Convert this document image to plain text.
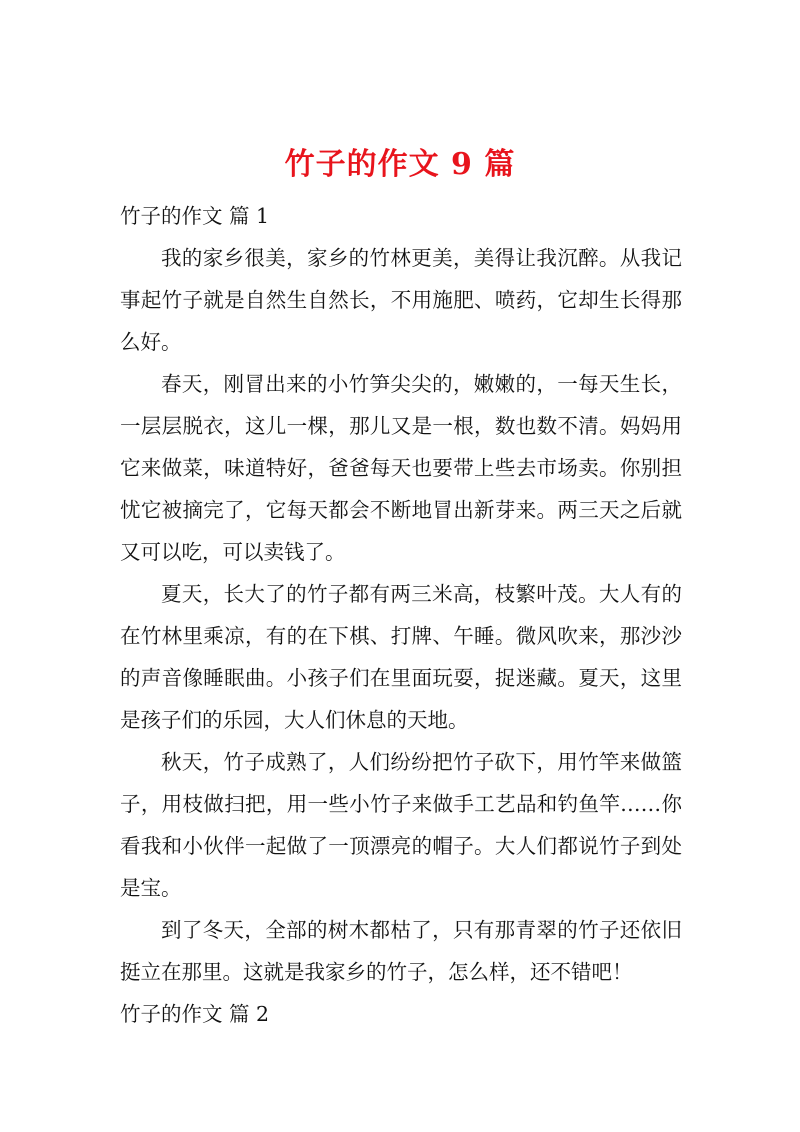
竹子的作文 9 篇
竹子的作文 篇 1

我的家乡很美，家乡的竹林更美，美得让我沉醉。从我记事起竹子就是自然生自然长，不用施肥、喷药，它却生长得那么好。

春天，刚冒出来的小竹笋尖尖的，嫩嫩的，一每天生长，一层层脱衣，这儿一棵，那儿又是一根，数也数不清。妈妈用它来做菜，味道特好，爸爸每天也要带上些去市场卖。你别担忧它被摘完了，它每天都会不断地冒出新芽来。两三天之后就又可以吃，可以卖钱了。

夏天，长大了的竹子都有两三米高，枝繁叶茂。大人有的在竹林里乘凉，有的在下棋、打牌、午睡。微风吹来，那沙沙的声音像睡眠曲。小孩子们在里面玩耍，捉迷藏。夏天，这里是孩子们的乐园，大人们休息的天地。

秋天，竹子成熟了，人们纷纷把竹子砍下，用竹竿来做篮子，用枝做扫把，用一些小竹子来做手工艺品和钓鱼竿……你看我和小伙伴一起做了一顶漂亮的帽子。大人们都说竹子到处是宝。

到了冬天，全部的树木都枯了，只有那青翠的竹子还依旧挺立在那里。这就是我家乡的竹子，怎么样，还不错吧！

竹子的作文 篇 2
